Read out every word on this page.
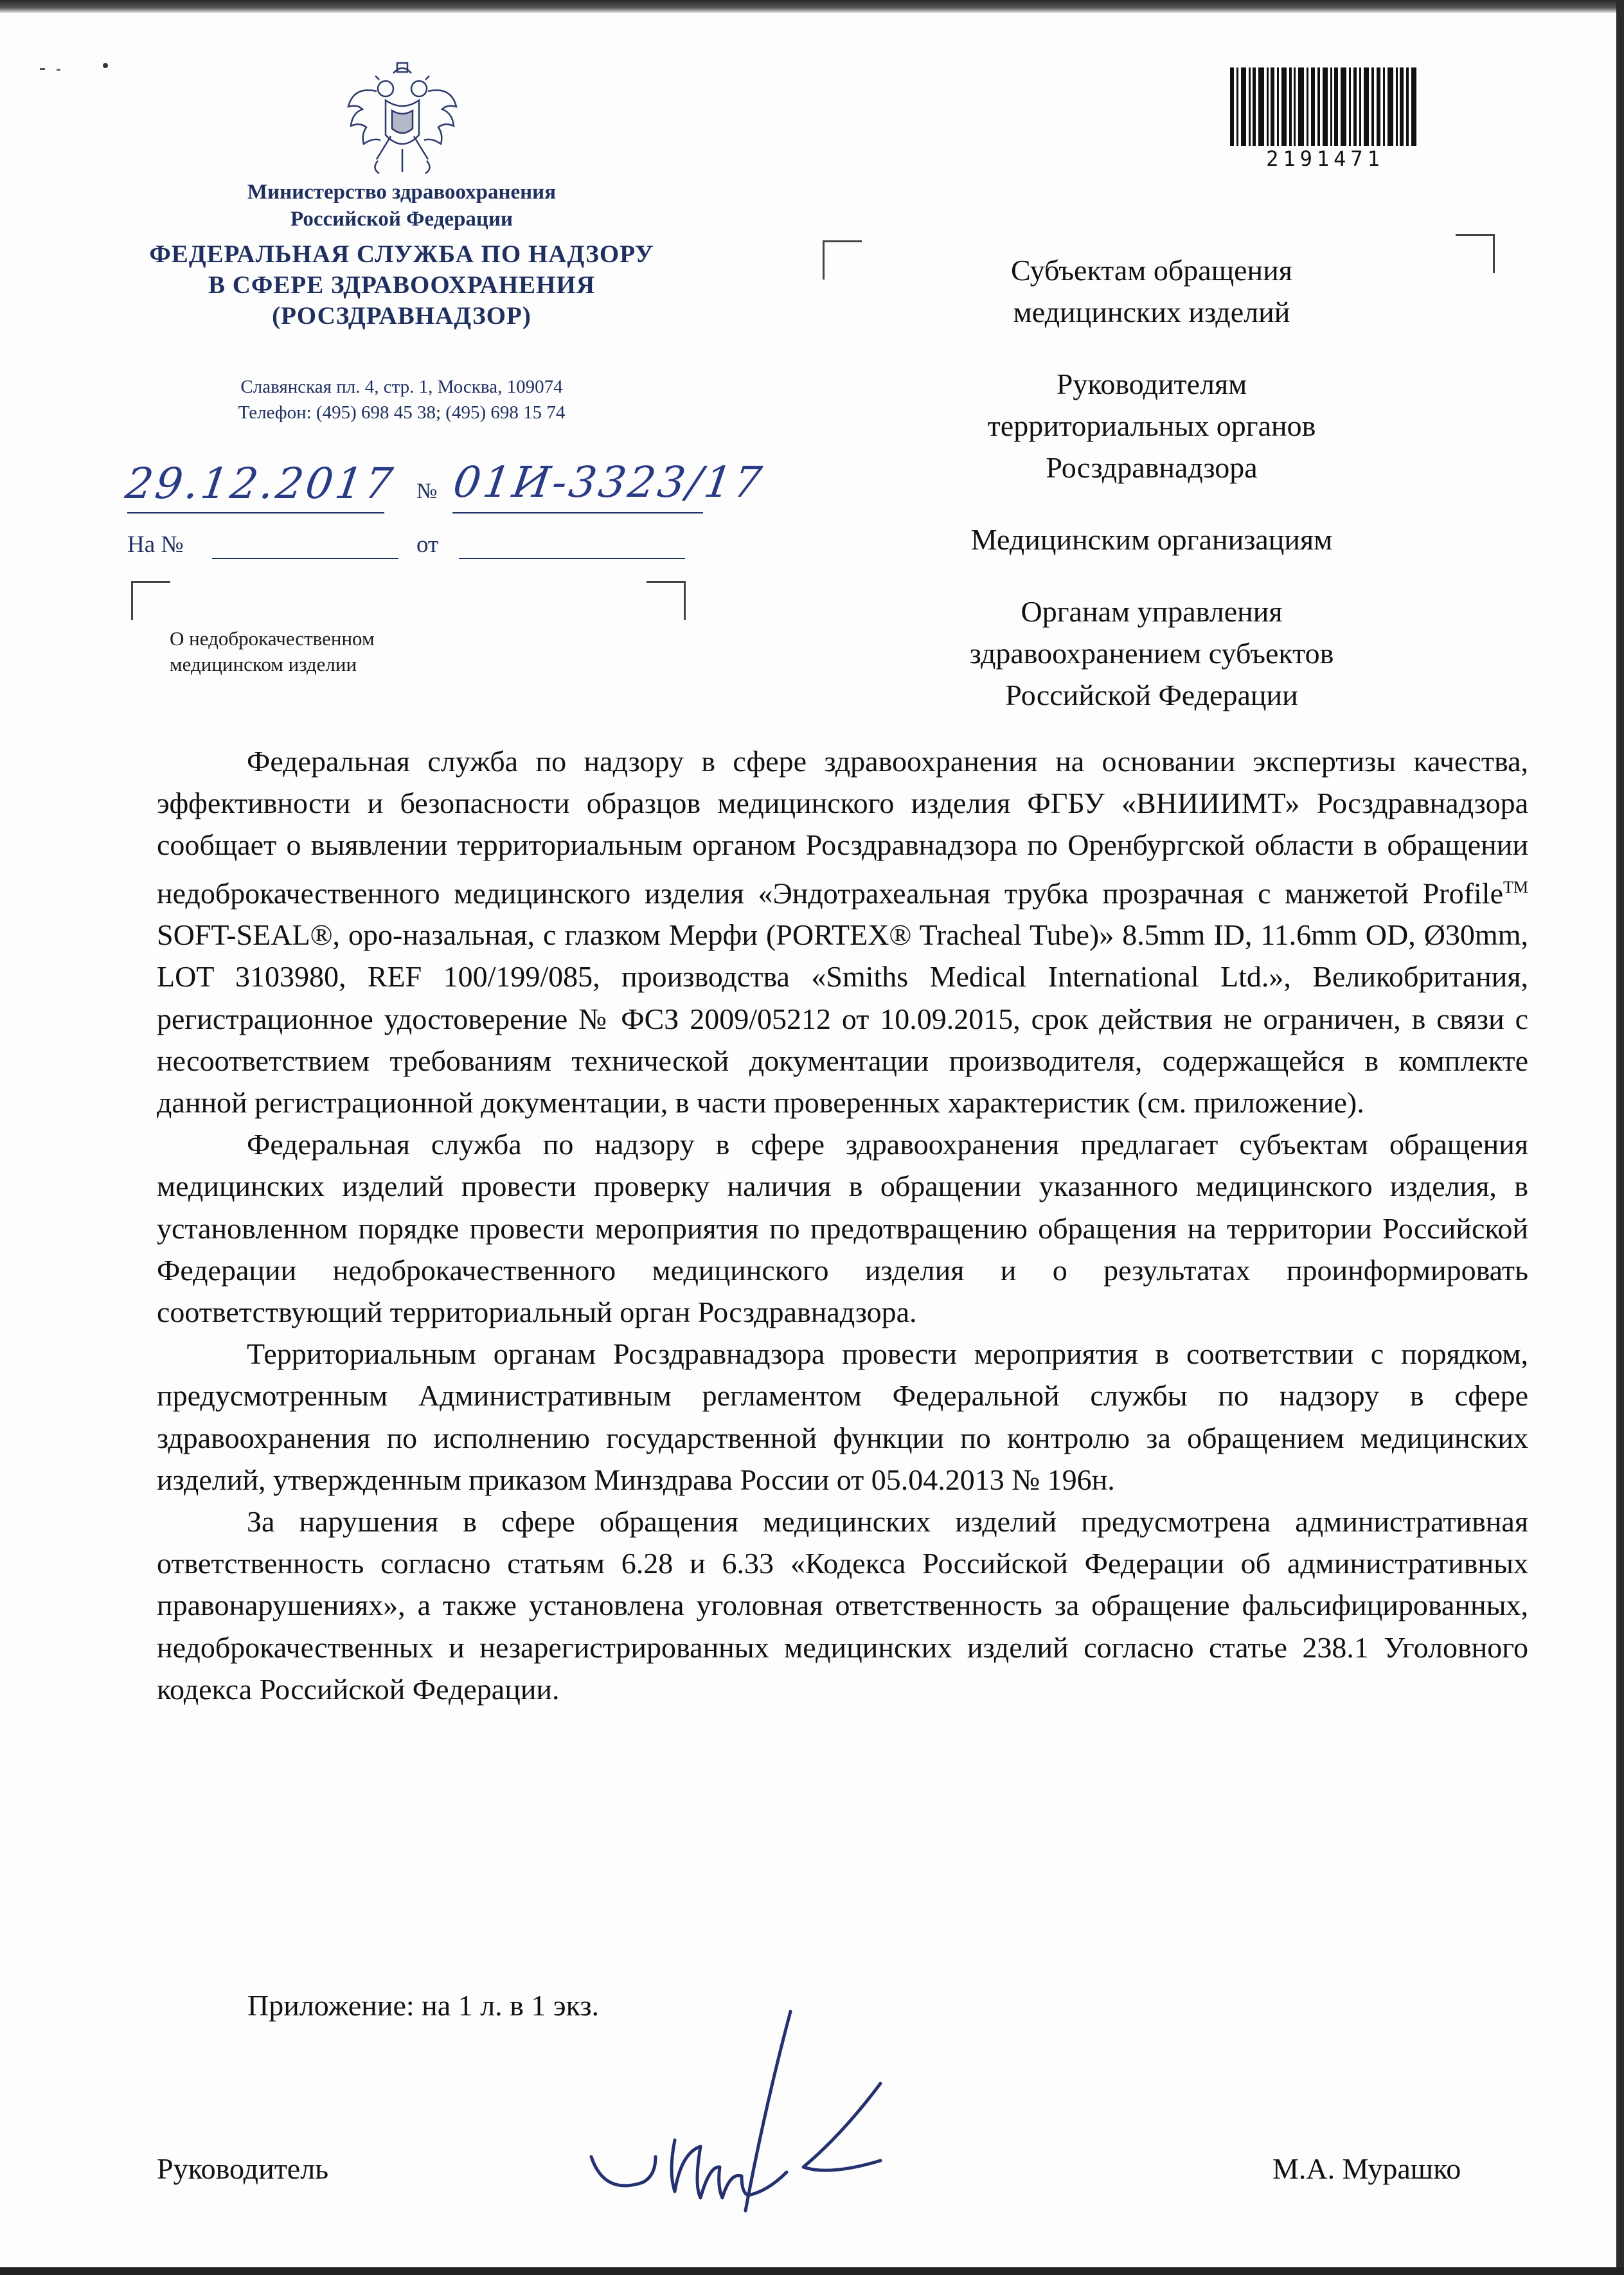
Министерство здравоохранения
Российской Федерации
ФЕДЕРАЛЬНАЯ СЛУЖБА ПО НАДЗОРУ
В СФЕРЕ ЗДРАВООХРАНЕНИЯ
(РОСЗДРАВНАДЗОР)
Славянская пл. 4, стр. 1, Москва, 109074
Телефон: (495) 698 45 38; (495) 698 15 74
2191471
29.12.2017 № 01И-3323/17
На №	от
О недоброкачественном
медицинском изделии
Субъектам обращения
медицинских изделий
Руководителям
территориальных органов
Росздравнадзора
Медицинским организациям
Органам управления
здравоохранением субъектов
Российской Федерации

Федеральная служба по надзору в сфере здравоохранения на основании экспертизы качества, эффективности и безопасности образцов медицинского изделия ФГБУ «ВНИИИМТ» Росздравнадзора сообщает о выявлении территориальным органом Росздравнадзора по Оренбургской области в обращении недоброкачественного медицинского изделия «Эндотрахеальная трубка прозрачная с манжетой Profile™ SOFT-SEAL®, оро-назальная, с глазком Мерфи (PORTEX® Tracheal Tube)» 8.5mm ID, 11.6mm OD, Ø30mm, LOT 3103980, REF 100/199/085, производства «Smiths Medical International Ltd.», Великобритания, регистрационное удостоверение № ФСЗ 2009/05212 от 10.09.2015, срок действия не ограничен, в связи с несоответствием требованиям технической документации производителя, содержащейся в комплекте данной регистрационной документации, в части проверенных характеристик (см. приложение).

Федеральная служба по надзору в сфере здравоохранения предлагает субъектам обращения медицинских изделий провести проверку наличия в обращении указанного медицинского изделия, в установленном порядке провести мероприятия по предотвращению обращения на территории Российской Федерации недоброкачественного медицинского изделия и о результатах проинформировать соответствующий территориальный орган Росздравнадзора.

Территориальным органам Росздравнадзора провести мероприятия в соответствии с порядком, предусмотренным Административным регламентом Федеральной службы по надзору в сфере здравоохранения по исполнению государственной функции по контролю за обращением медицинских изделий, утвержденным приказом Минздрава России от 05.04.2013 № 196н.

За нарушения в сфере обращения медицинских изделий предусмотрена административная ответственность согласно статьям 6.28 и 6.33 «Кодекса Российской Федерации об административных правонарушениях», а также установлена уголовная ответственность за обращение фальсифицированных, недоброкачественных и незарегистрированных медицинских изделий согласно статье 238.1 Уголовного кодекса Российской Федерации.

Приложение: на 1 л. в 1 экз.
Руководитель	М.А. Мурашко
